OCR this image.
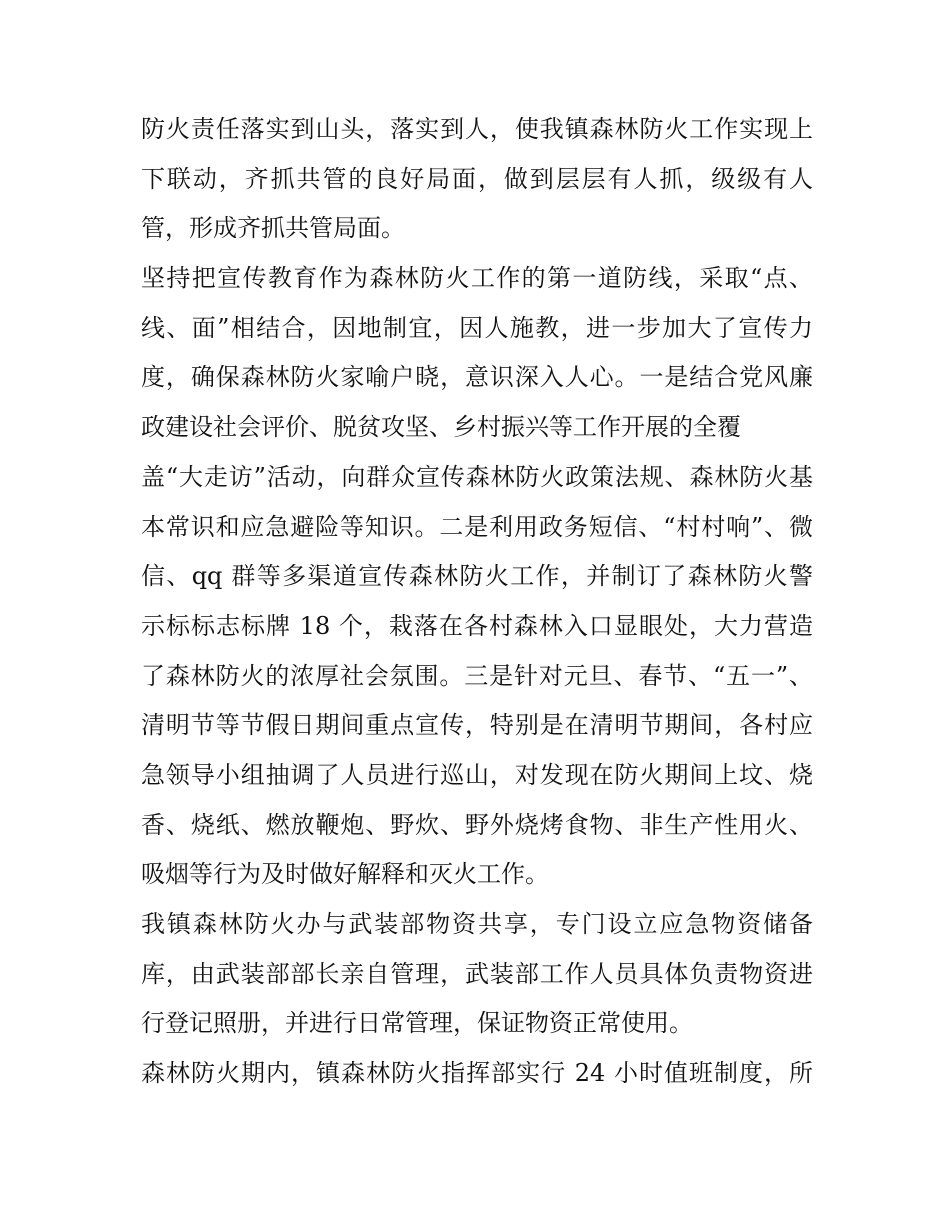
防火责任落实到山头，落实到人，使我镇森林防火工作实现上
下联动，齐抓共管的良好局面，做到层层有人抓，级级有人
管，形成齐抓共管局面。
坚持把宣传教育作为森林防火工作的第一道防线，采取“点、
线、面”相结合，因地制宜，因人施教，进一步加大了宣传力
度，确保森林防火家喻户晓，意识深入人心。一是结合党风廉
政建设社会评价、脱贫攻坚、乡村振兴等工作开展的全覆
盖“大走访”活动，向群众宣传森林防火政策法规、森林防火基
本常识和应急避险等知识。二是利用政务短信、“村村响”、微
信、qq 群等多渠道宣传森林防火工作，并制订了森林防火警
示标标志标牌 18 个，栽落在各村森林入口显眼处，大力营造
了森林防火的浓厚社会氛围。三是针对元旦、春节、“五一”、
清明节等节假日期间重点宣传，特别是在清明节期间，各村应
急领导小组抽调了人员进行巡山，对发现在防火期间上坟、烧
香、烧纸、燃放鞭炮、野炊、野外烧烤食物、非生产性用火、
吸烟等行为及时做好解释和灭火工作。
我镇森林防火办与武装部物资共享，专门设立应急物资储备
库，由武装部部长亲自管理，武装部工作人员具体负责物资进
行登记照册，并进行日常管理，保证物资正常使用。
森林防火期内，镇森林防火指挥部实行 24 小时值班制度，所
